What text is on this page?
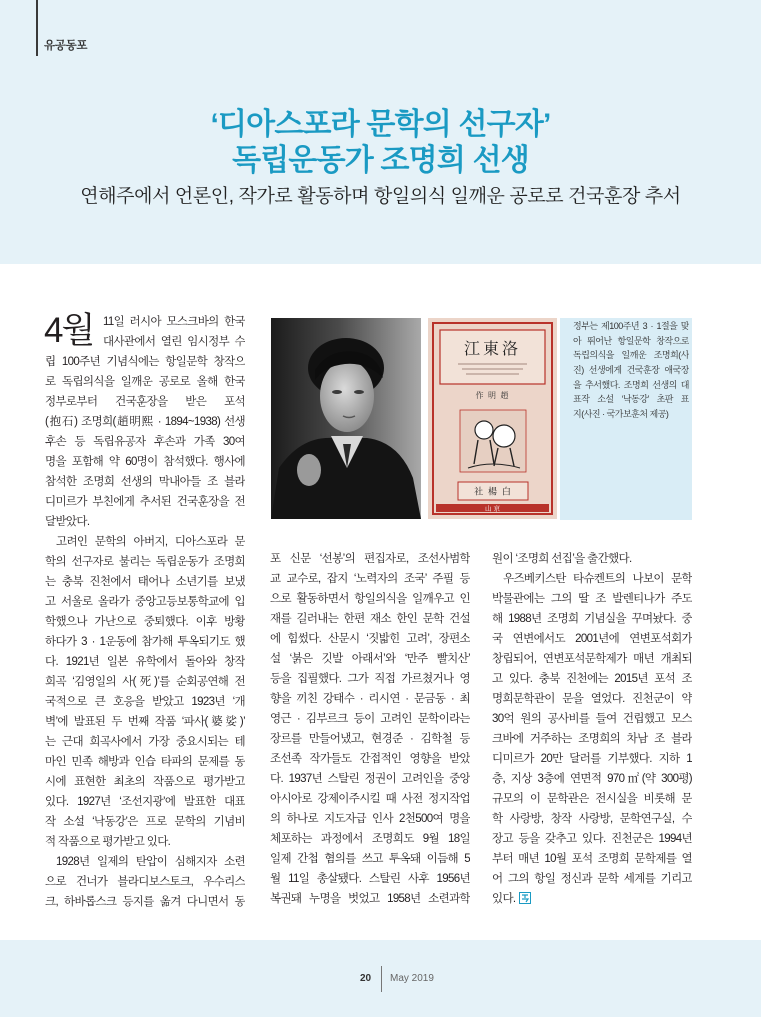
유공동포
‘디아스포라 문학의 선구자’
독립운동가 조명희 선생
연해주에서 언론인, 작가로 활동하며 항일의식 일깨운 공로로 건국훈장 추서
4월 11일 러시아 모스크바의 한국
대사관에서 열린 임시정부 수
립 100주년 기념식에는 항일문학 창작으
로 독립의식을 일깨운 공로로 올해 한국
정부로부터 건국훈장을 받은 포석
(抱石) 조명희(趙明熙 · 1894~1938) 선생
후손 등 독립유공자 후손과 가족 30여
명을 포함해 약 60명이 참석했다. 행사에
참석한 조명희 선생의 막내아들 조 블라
디미르가 부친에게 추서된 건국훈장을 전
달받았다.
고려인 문학의 아버지, 디아스포라 문
학의 선구자로 불리는 독립운동가 조명희
는 충북 진천에서 태어나 소년기를 보냈
고 서울로 올라가 중앙고등보통학교에 입
학했으나 가난으로 중퇴했다. 이후 방황
하다가 3 · 1운동에 참가해 투옥되기도 했
다. 1921년 일본 유학에서 돌아와 창작
희곡 ‘김영일의 사(死)’를 순회공연해 전
국적으로 큰 호응을 받았고 1923년 ‘개
벽’에 발표된 두 번째 작품 ‘파사(婆娑)’
는 근대 희곡사에서 가장 중요시되는 테
마인 민족 해방과 인습 타파의 문제를 동
시에 표현한 최초의 작품으로 평가받고
있다. 1927년 ‘조선지광’에 발표한 대표
작 소설 ‘낙동강’은 프로 문학의 기념비
적 작품으로 평가받고 있다.
1928년 일제의 탄압이 심해지자 소련
으로 건너가 블라디보스토크, 우수리스
크, 하바롭스크 등지를 옮겨 다니면서 동
江東洛
作 明 趙
社 楊 白
山 京
정부는 제100주년 3 · 1절을 맞
아 뛰어난 항일문학 창작으로
독립의식을 일깨운 조명희(사
진) 선생에게 건국훈장 애국장
을 추서했다. 조명희 선생의 대
표작 소설 ‘낙동강’ 초판 표
지(사진 · 국가보훈처 제공)
포 신문 ‘선봉’의 편집자로, 조선사범학
교 교수로, 잡지 ‘노력자의 조국’ 주필 등
으로 활동하면서 항일의식을 일깨우고 인
재를 길러내는 한편 재소 한인 문학 건설
에 힘썼다. 산문시 ‘짓밟힌 고려’, 장편소
설 ‘붉은 깃발 아래서’와 ‘만주 빨치산’
등을 집필했다. 그가 직접 가르쳤거나 영
향을 끼친 강태수 · 리시연 · 문금동 · 최
영근 · 김부르크 등이 고려인 문학이라는
장르를 만들어냈고, 현경준 · 김학철 등
조선족 작가들도 간접적인 영향을 받았
다. 1937년 스탈린 정권이 고려인을 중앙
아시아로 강제이주시킬 때 사전 정지작업
의 하나로 지도자급 인사 2천500여 명을
체포하는 과정에서 조명희도 9월 18일
일제 간첩 혐의를 쓰고 투옥돼 이듬해 5
월 11일 총살됐다. 스탈린 사후 1956년
복권돼 누명을 벗었고 1958년 소련과학
원이 ‘조명희 선집’을 출간했다.
우즈베키스탄 타슈켄트의 나보이 문학
박물관에는 그의 딸 조 발렌티나가 주도
해 1988년 조명희 기념실을 꾸며놨다. 중
국 연변에서도 2001년에 연변포석회가
창립되어, 연변포석문학제가 매년 개최되
고 있다. 충북 진천에는 2015년 포석 조
명희문학관이 문을 열었다. 진천군이 약
30억 원의 공사비를 들여 건립했고 모스
크바에 거주하는 조명희의 차남 조 블라
디미르가 20만 달러를 기부했다. 지하 1
층, 지상 3층에 연면적 970㎡(약 300평)
규모의 이 문학관은 전시실을 비롯해 문
학 사랑방, 창작 사랑방, 문학연구실, 수
장고 등을 갖추고 있다. 진천군은 1994년
부터 매년 10월 포석 조명희 문학제를 열
어 그의 항일 정신과 문학 세계를 기리고
있다.
20 May 2019
